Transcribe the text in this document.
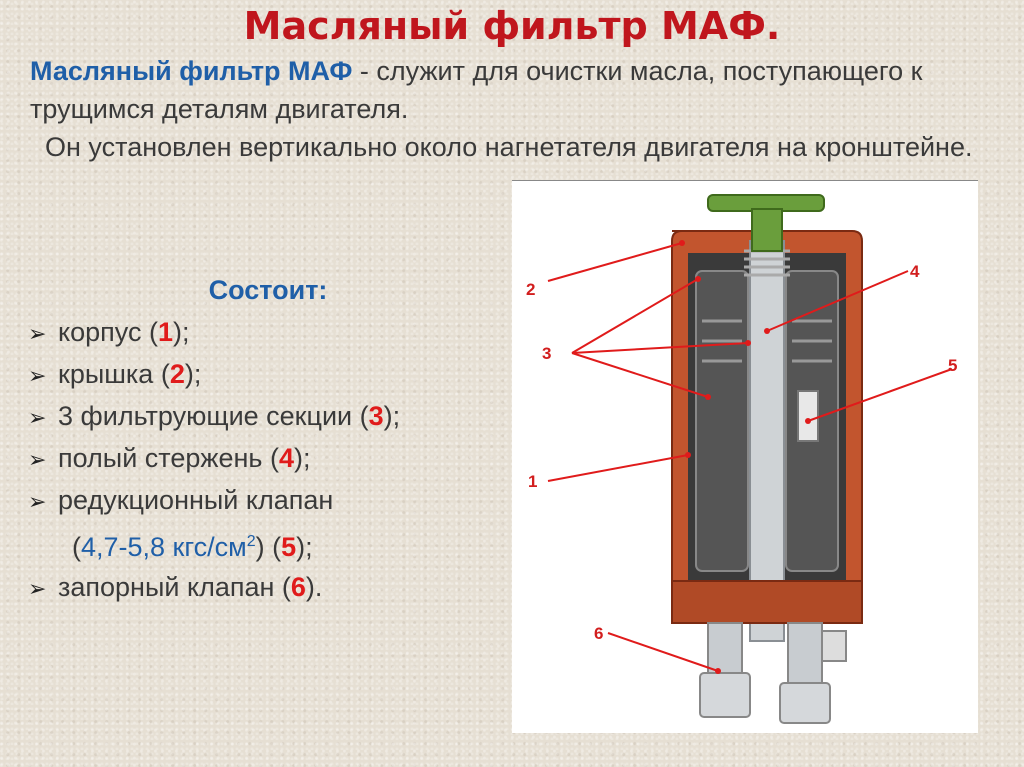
Масляный фильтр МАФ.
Масляный фильтр МАФ - служит для очистки масла, поступающего к трущимся деталям двигателя.
Он установлен вертикально около нагнетателя двигателя на кронштейне.
Состоит:
➢ корпус (1);
➢ крышка (2);
➢ 3 фильтрующие секции (3);
➢ полый стержень (4);
➢ редукционный клапан
(4,7-5,8 кгс/$см^2$) (5);
➢ запорный клапан (6).
2
4
3
5
1
6
